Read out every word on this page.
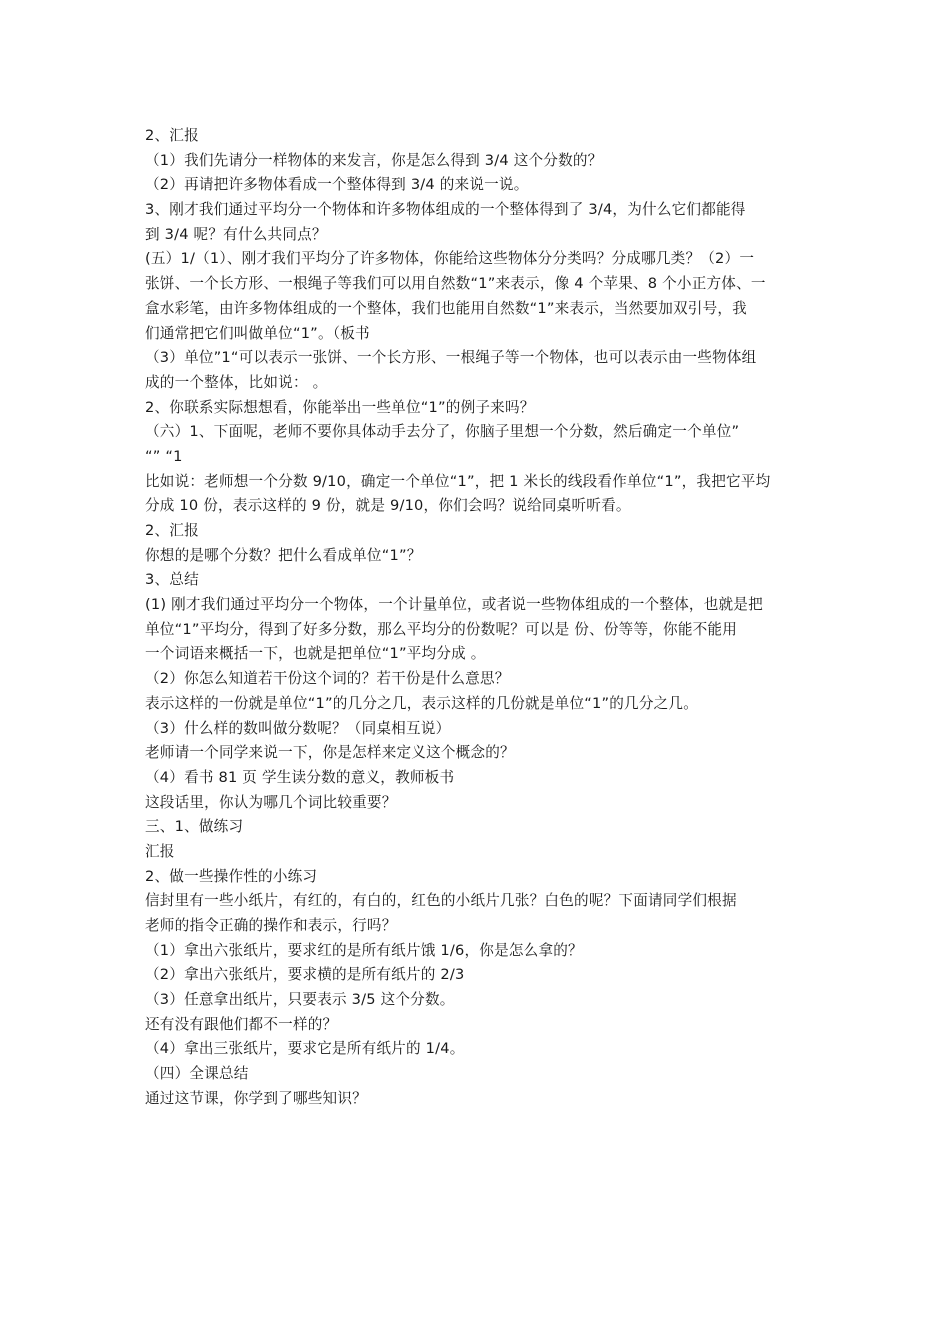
2、汇报
（1）我们先请分一样物体的来发言，你是怎么得到 3/4 这个分数的？
（2）再请把许多物体看成一个整体得到 3/4 的来说一说。
3、刚才我们通过平均分一个物体和许多物体组成的一个整体得到了 3/4，为什么它们都能得
到 3/4 呢？有什么共同点？
(五）1/（1）、刚才我们平均分了许多物体，你能给这些物体分分类吗？分成哪几类？（2）一
张饼、一个长方形、一根绳子等我们可以用自然数“1”来表示，像 4 个苹果、8 个小正方体、一
盒水彩笔，由许多物体组成的一个整体，我们也能用自然数“1”来表示，当然要加双引号，我
们通常把它们叫做单位“1”。（板书
（3）单位”1“可以表示一张饼、一个长方形、一根绳子等一个物体，也可以表示由一些物体组
成的一个整体，比如说： 。
2、你联系实际想想看，你能举出一些单位“1”的例子来吗？
（六）1、下面呢，老师不要你具体动手去分了，你脑子里想一个分数，然后确定一个单位”
“” “1
比如说：老师想一个分数 9/10，确定一个单位“1”，把 1 米长的线段看作单位“1”，我把它平均
分成 10 份，表示这样的 9 份，就是 9/10，你们会吗？说给同桌听听看。
2、汇报
你想的是哪个分数？把什么看成单位“1”？
3、总结
(1) 刚才我们通过平均分一个物体，一个计量单位，或者说一些物体组成的一个整体，也就是把
单位“1”平均分，得到了好多分数，那么平均分的份数呢？可以是 份、份等等，你能不能用
一个词语来概括一下，也就是把单位“1”平均分成 。
（2）你怎么知道若干份这个词的？若干份是什么意思？
表示这样的一份就是单位“1”的几分之几，表示这样的几份就是单位“1”的几分之几。
（3）什么样的数叫做分数呢？（同桌相互说）
老师请一个同学来说一下，你是怎样来定义这个概念的？
（4）看书 81 页 学生读分数的意义，教师板书
这段话里，你认为哪几个词比较重要？
三、1、做练习
汇报
2、做一些操作性的小练习
信封里有一些小纸片，有红的，有白的，红色的小纸片几张？白色的呢？下面请同学们根据
老师的指令正确的操作和表示，行吗？
（1）拿出六张纸片，要求红的是所有纸片饿 1/6，你是怎么拿的？
（2）拿出六张纸片，要求横的是所有纸片的 2/3
（3）任意拿出纸片，只要表示 3/5 这个分数。
还有没有跟他们都不一样的？
（4）拿出三张纸片，要求它是所有纸片的 1/4。
（四）全课总结
通过这节课，你学到了哪些知识？
